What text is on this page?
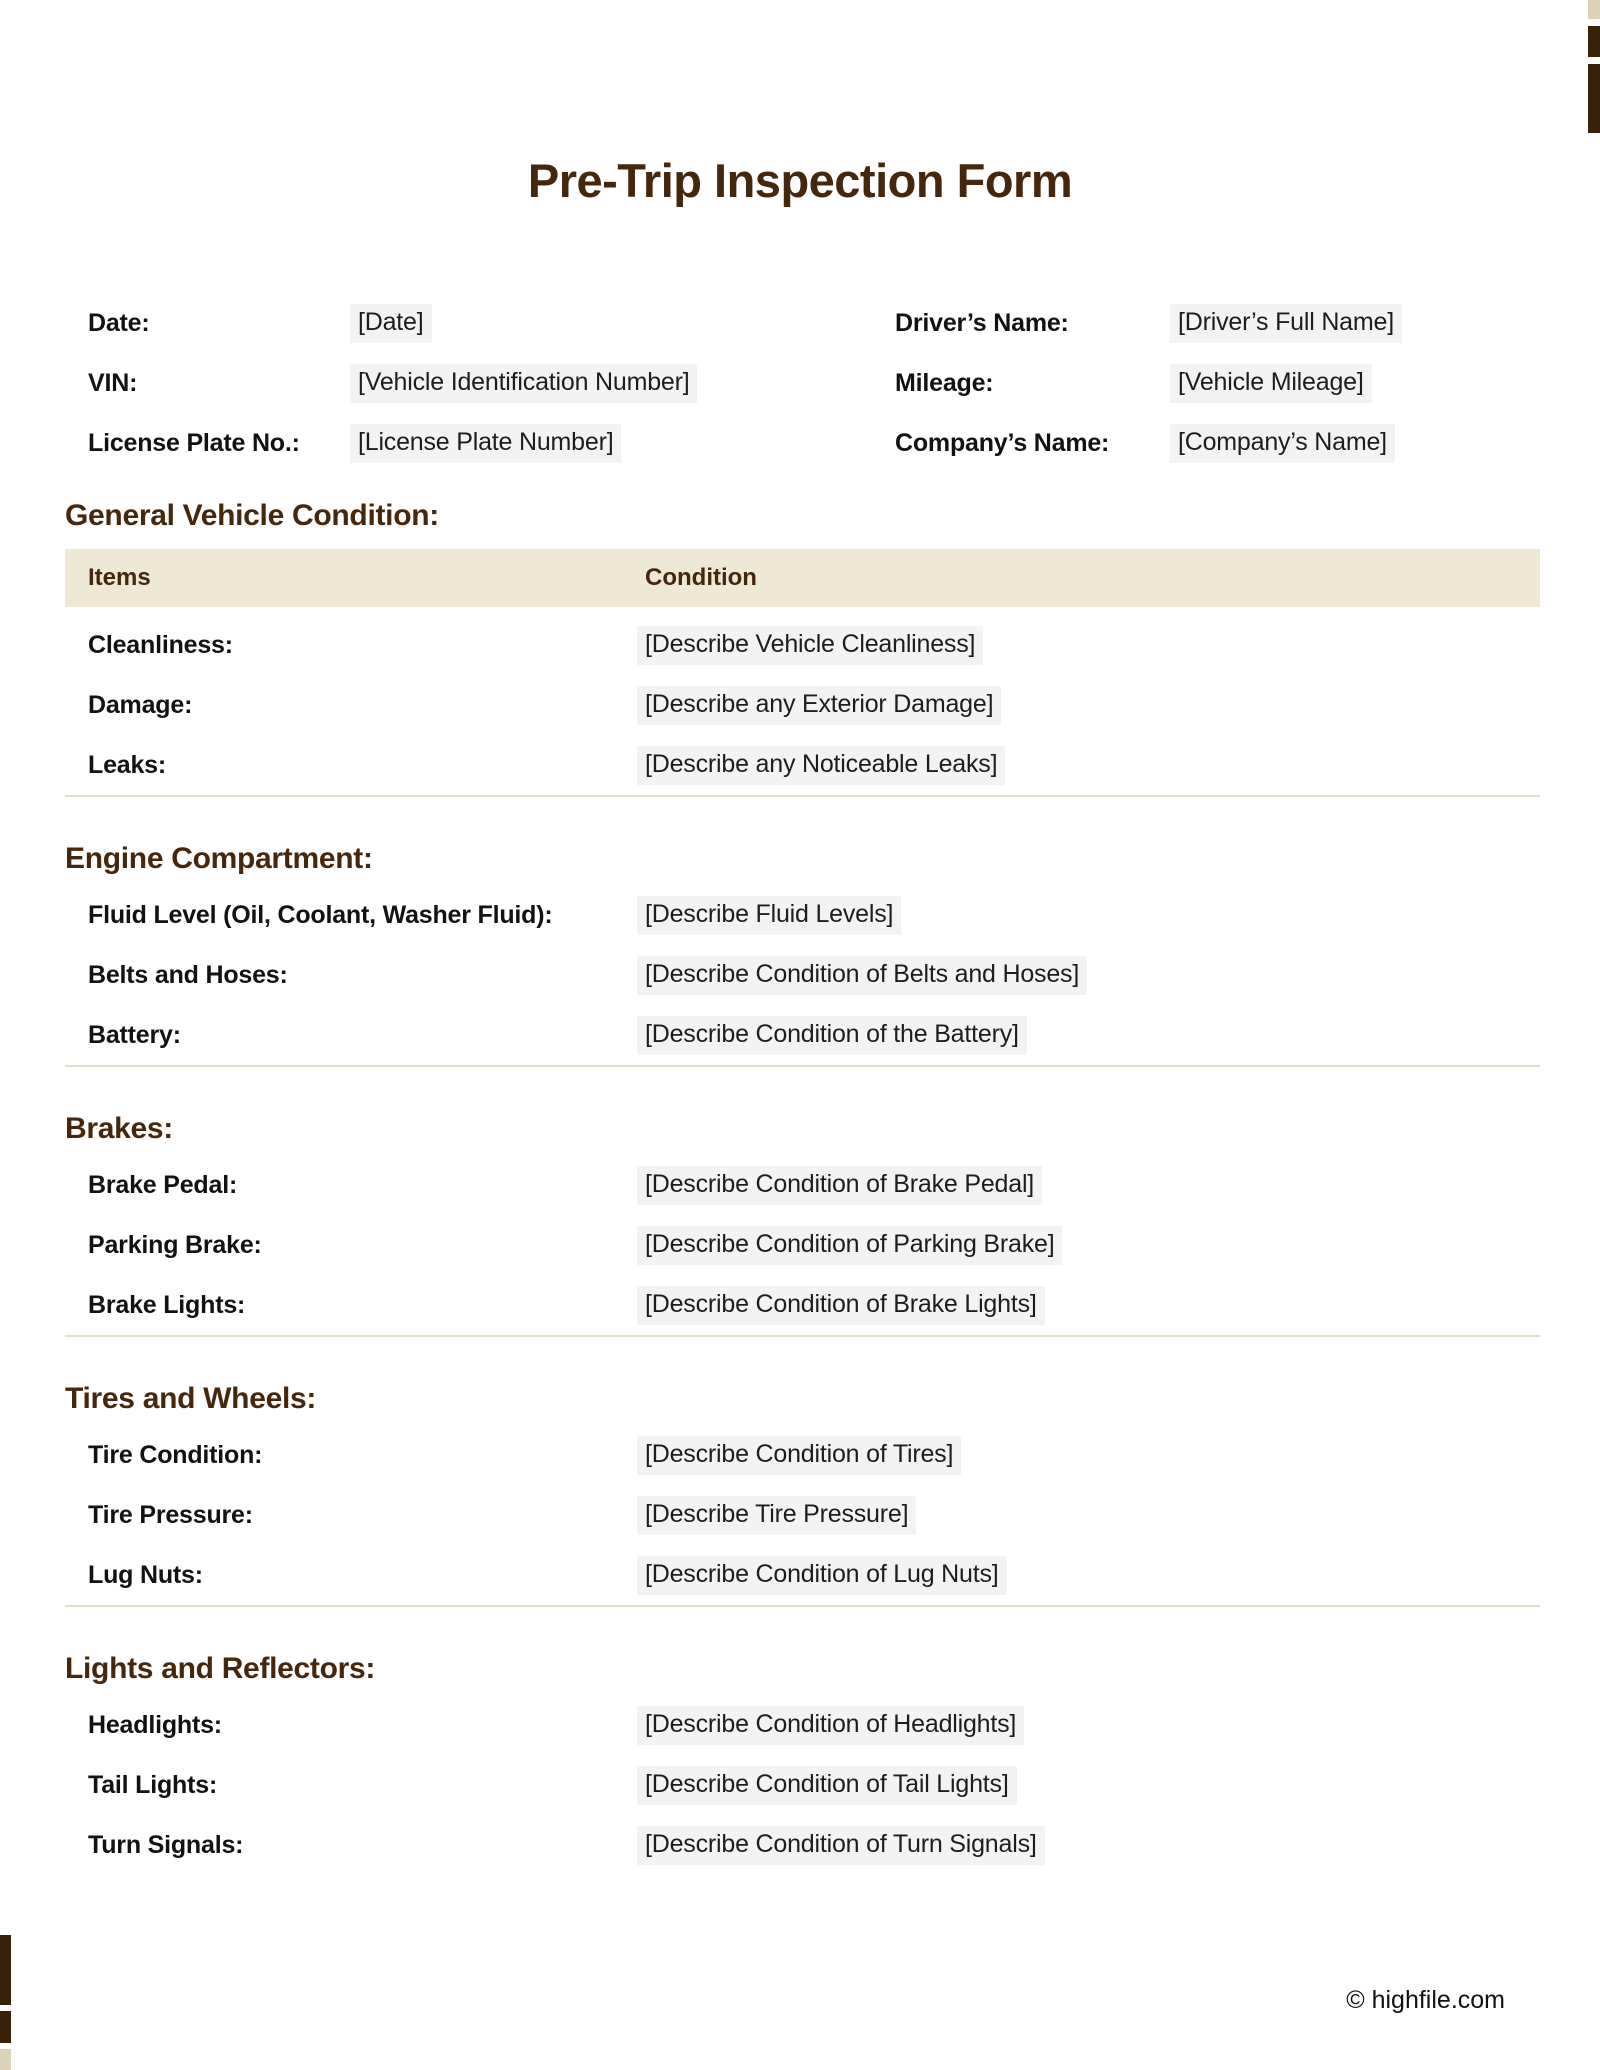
Pre-Trip Inspection Form
Date:	[Date]	Driver’s Name:	[Driver’s Full Name]
VIN:	[Vehicle Identification Number]	Mileage:	[Vehicle Mileage]
License Plate No.:	[License Plate Number]	Company’s Name:	[Company’s Name]
General Vehicle Condition:
Items	Condition
Cleanliness:	[Describe Vehicle Cleanliness]
Damage:	[Describe any Exterior Damage]
Leaks:	[Describe any Noticeable Leaks]
Engine Compartment:
Fluid Level (Oil, Coolant, Washer Fluid):	[Describe Fluid Levels]
Belts and Hoses:	[Describe Condition of Belts and Hoses]
Battery:	[Describe Condition of the Battery]
Brakes:
Brake Pedal:	[Describe Condition of Brake Pedal]
Parking Brake:	[Describe Condition of Parking Brake]
Brake Lights:	[Describe Condition of Brake Lights]
Tires and Wheels:
Tire Condition:	[Describe Condition of Tires]
Tire Pressure:	[Describe Tire Pressure]
Lug Nuts:	[Describe Condition of Lug Nuts]
Lights and Reflectors:
Headlights:	[Describe Condition of Headlights]
Tail Lights:	[Describe Condition of Tail Lights]
Turn Signals:	[Describe Condition of Turn Signals]
© highfile.com
